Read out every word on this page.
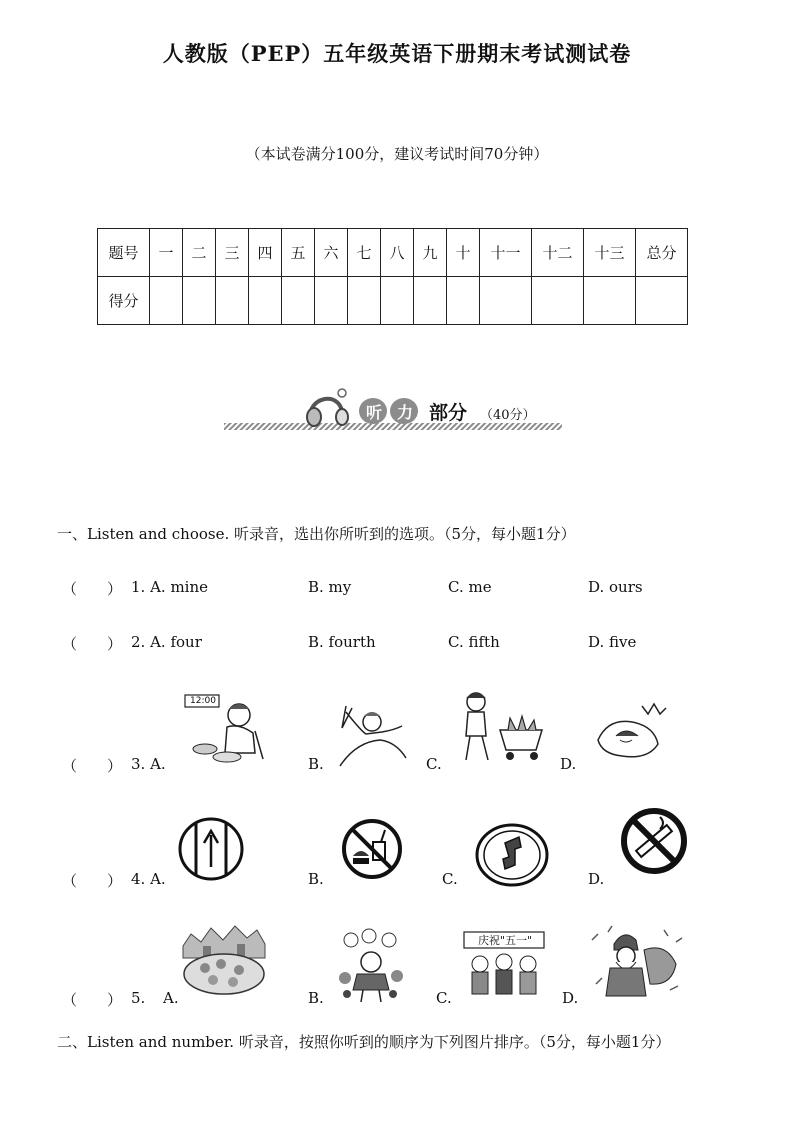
人教版（PEP）五年级英语下册期末考试测试卷
（本试卷满分100分，建议考试时间70分钟）
题号	一	二	三	四	五	六	七	八	九	十	十一	十二	十三	总分
得分														
听 力 部分 （40分）
一、Listen and choose. 听录音，选出你所听到的选项。（5分，每小题1分）
（　　） 1. A. mine	B. my	C. me	D. ours
（　　） 2. A. four	B. fourth	C. fifth	D. five
12:00
（　　） 3. A.	B.	C.	D.
（　　） 4. A.	B.	C.	D.
庆祝"五一"
（　　） 5. A.	B.	C.	D.
二、Listen and number. 听录音，按照你听到的顺序为下列图片排序。（5分，每小题1分）
